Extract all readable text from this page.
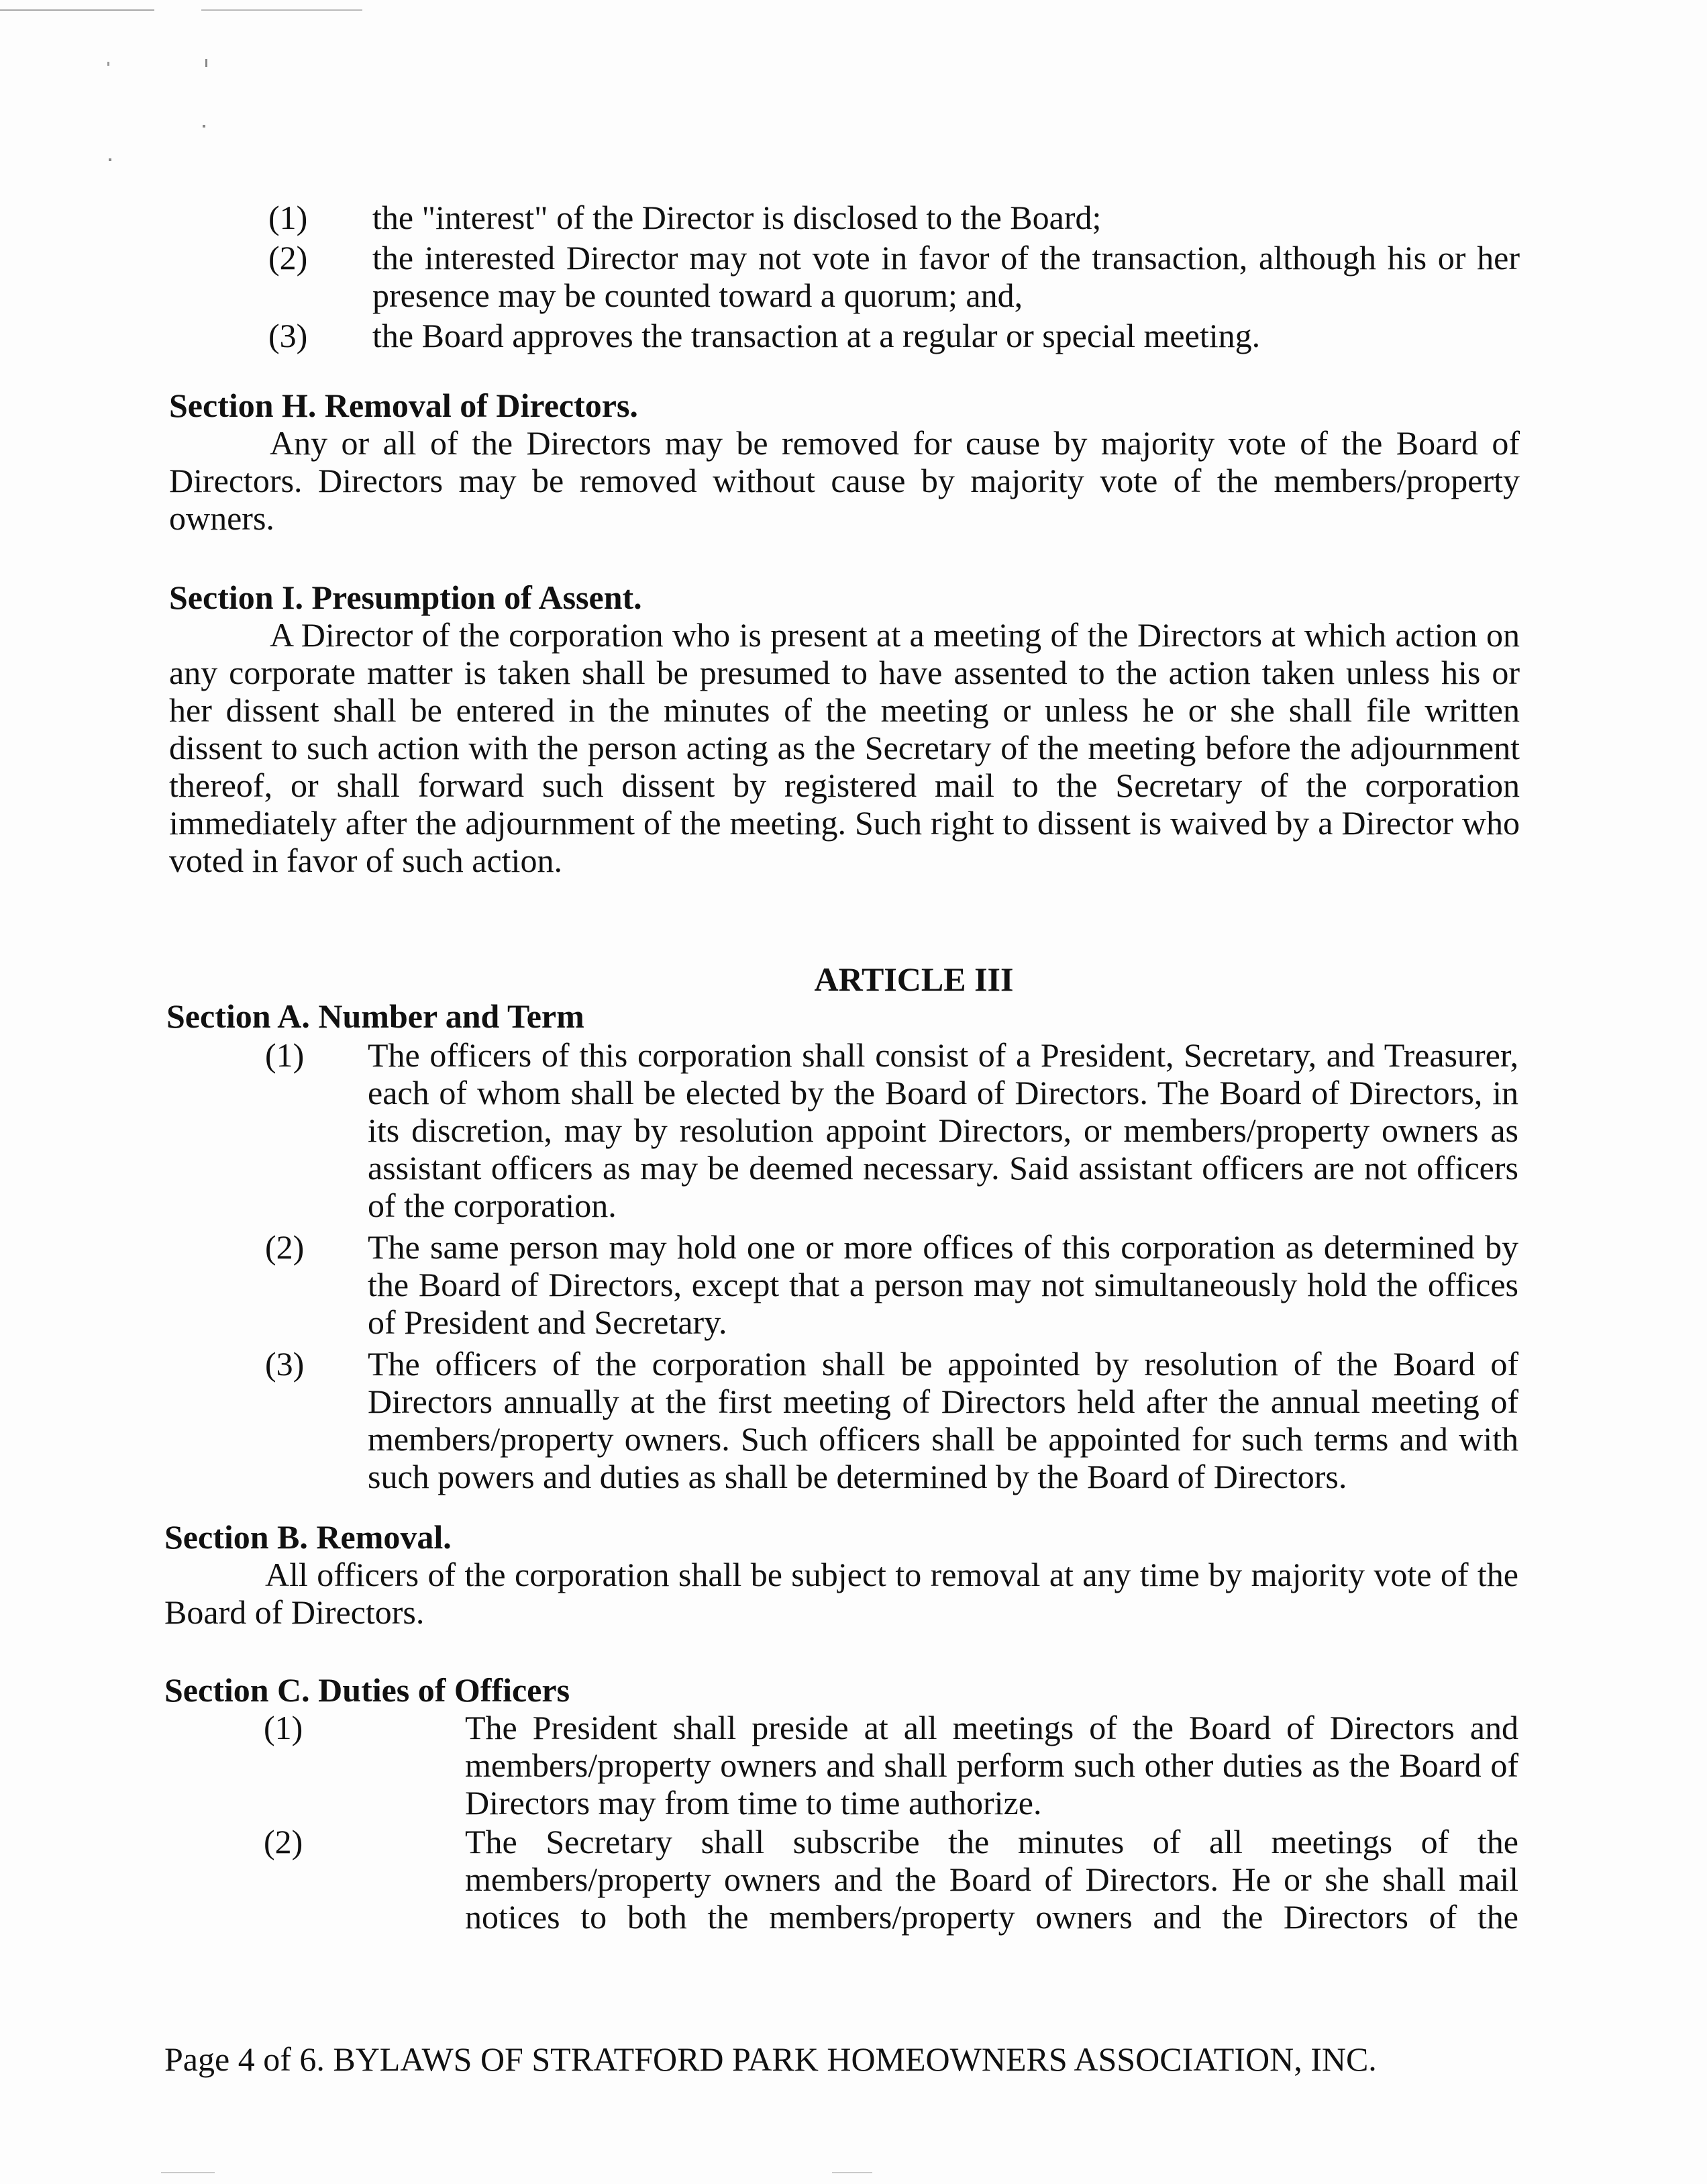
(1)	the "interest" of the Director is disclosed to the Board;
(2)	the interested Director may not vote in favor of the transaction, although his or her presence may be counted toward a quorum; and,
(3)	the Board approves the transaction at a regular or special meeting.
Section H. Removal of Directors.
Any or all of the Directors may be removed for cause by majority vote of the Board of Directors. Directors may be removed without cause by majority vote of the members/property owners.
Section I. Presumption of Assent.
A Director of the corporation who is present at a meeting of the Directors at which action on any corporate matter is taken shall be presumed to have assented to the action taken unless his or her dissent shall be entered in the minutes of the meeting or unless he or she shall file written dissent to such action with the person acting as the Secretary of the meeting before the adjournment thereof, or shall forward such dissent by registered mail to the Secretary of the corporation immediately after the adjournment of the meeting. Such right to dissent is waived by a Director who voted in favor of such action.
ARTICLE III
Section A. Number and Term
(1)	The officers of this corporation shall consist of a President, Secretary, and Treasurer, each of whom shall be elected by the Board of Directors. The Board of Directors, in its discretion, may by resolution appoint Directors, or members/property owners as assistant officers as may be deemed necessary. Said assistant officers are not officers of the corporation.
(2)	The same person may hold one or more offices of this corporation as determined by the Board of Directors, except that a person may not simultaneously hold the offices of President and Secretary.
(3)	The officers of the corporation shall be appointed by resolution of the Board of Directors annually at the first meeting of Directors held after the annual meeting of members/property owners. Such officers shall be appointed for such terms and with such powers and duties as shall be determined by the Board of Directors.
Section B. Removal.
All officers of the corporation shall be subject to removal at any time by majority vote of the Board of Directors.
Section C. Duties of Officers
(1)	The President shall preside at all meetings of the Board of Directors and members/property owners and shall perform such other duties as the Board of Directors may from time to time authorize.
(2)	The Secretary shall subscribe the minutes of all meetings of the members/property owners and the Board of Directors. He or she shall mail notices to both the members/property owners and the Directors of the
Page 4 of 6. BYLAWS OF STRATFORD PARK HOMEOWNERS ASSOCIATION, INC.
